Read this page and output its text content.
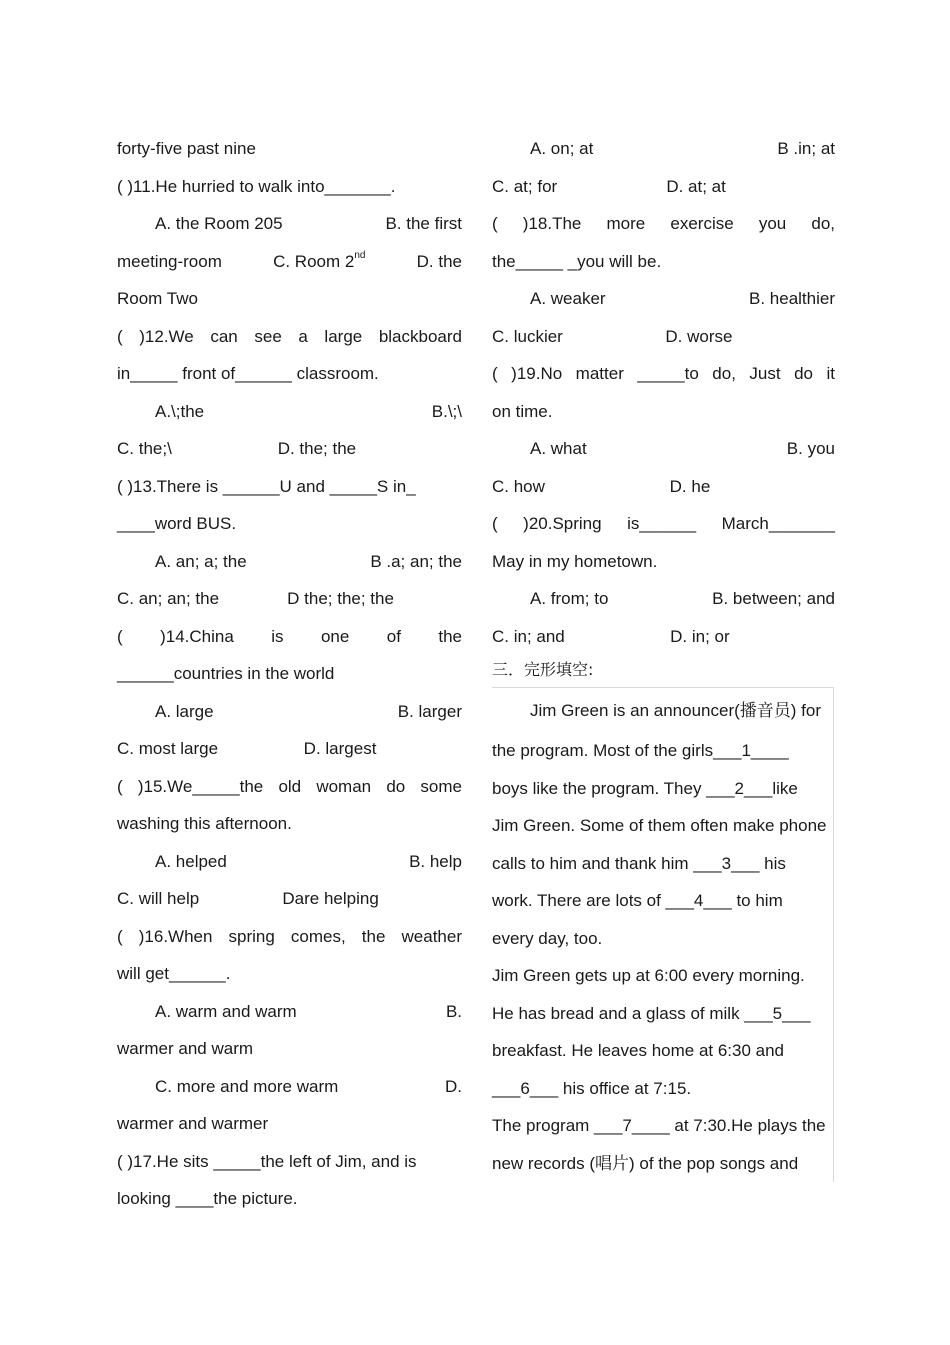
forty-five past nine
( )11.He hurried to walk into_______.
A. the Room 205	B. the first
meeting-room	C. Room 2nd	D. the
Room Two
( )12.We can see a large blackboard
in_____ front of______ classroom.
A.\;the	B.\;\
C. the;\	D. the; the
( )13.There is ______U and _____S in_
____word BUS.
A. an; a; the	B .a; an; the
C. an; an; the	D the; the; the
( )14.China is one of the
______countries in the world
A. large	B. larger
C. most large	D. largest
( )15.We_____the old woman do some
washing this afternoon.
A. helped	B. help
C. will help	Dare helping
( )16.When spring comes, the weather
will get______.
A. warm and warm	B.
warmer and warm
C. more and more warm	D.
warmer and warmer
( )17.He sits _____the left of Jim, and is
looking ____the picture.
A. on; at	B .in; at
C. at; for	D. at; at
( )18.The more exercise you do,
the_____ _you will be.
A. weaker	B. healthier
C. luckier	D. worse
( )19.No matter _____to do, Just do it
on time.
A. what	B. you
C. how	D. he
( )20.Spring is______ March_______
May in my hometown.
A. from; to	B. between; and
C. in; and	D. in; or
三．完形填空:
Jim Green is an announcer(播音员) for
the program. Most of the girls___1____
boys like the program. They ___2___like
Jim Green. Some of them often make phone
calls to him and thank him ___3___ his
work. There are lots of ___4___ to him
every day, too.
Jim Green gets up at 6:00 every morning.
He has bread and a glass of milk ___5___
breakfast. He leaves home at 6:30 and
___6___ his office at 7:15.
The program ___7____ at 7:30.He plays the
new records (唱片) of the pop songs and
